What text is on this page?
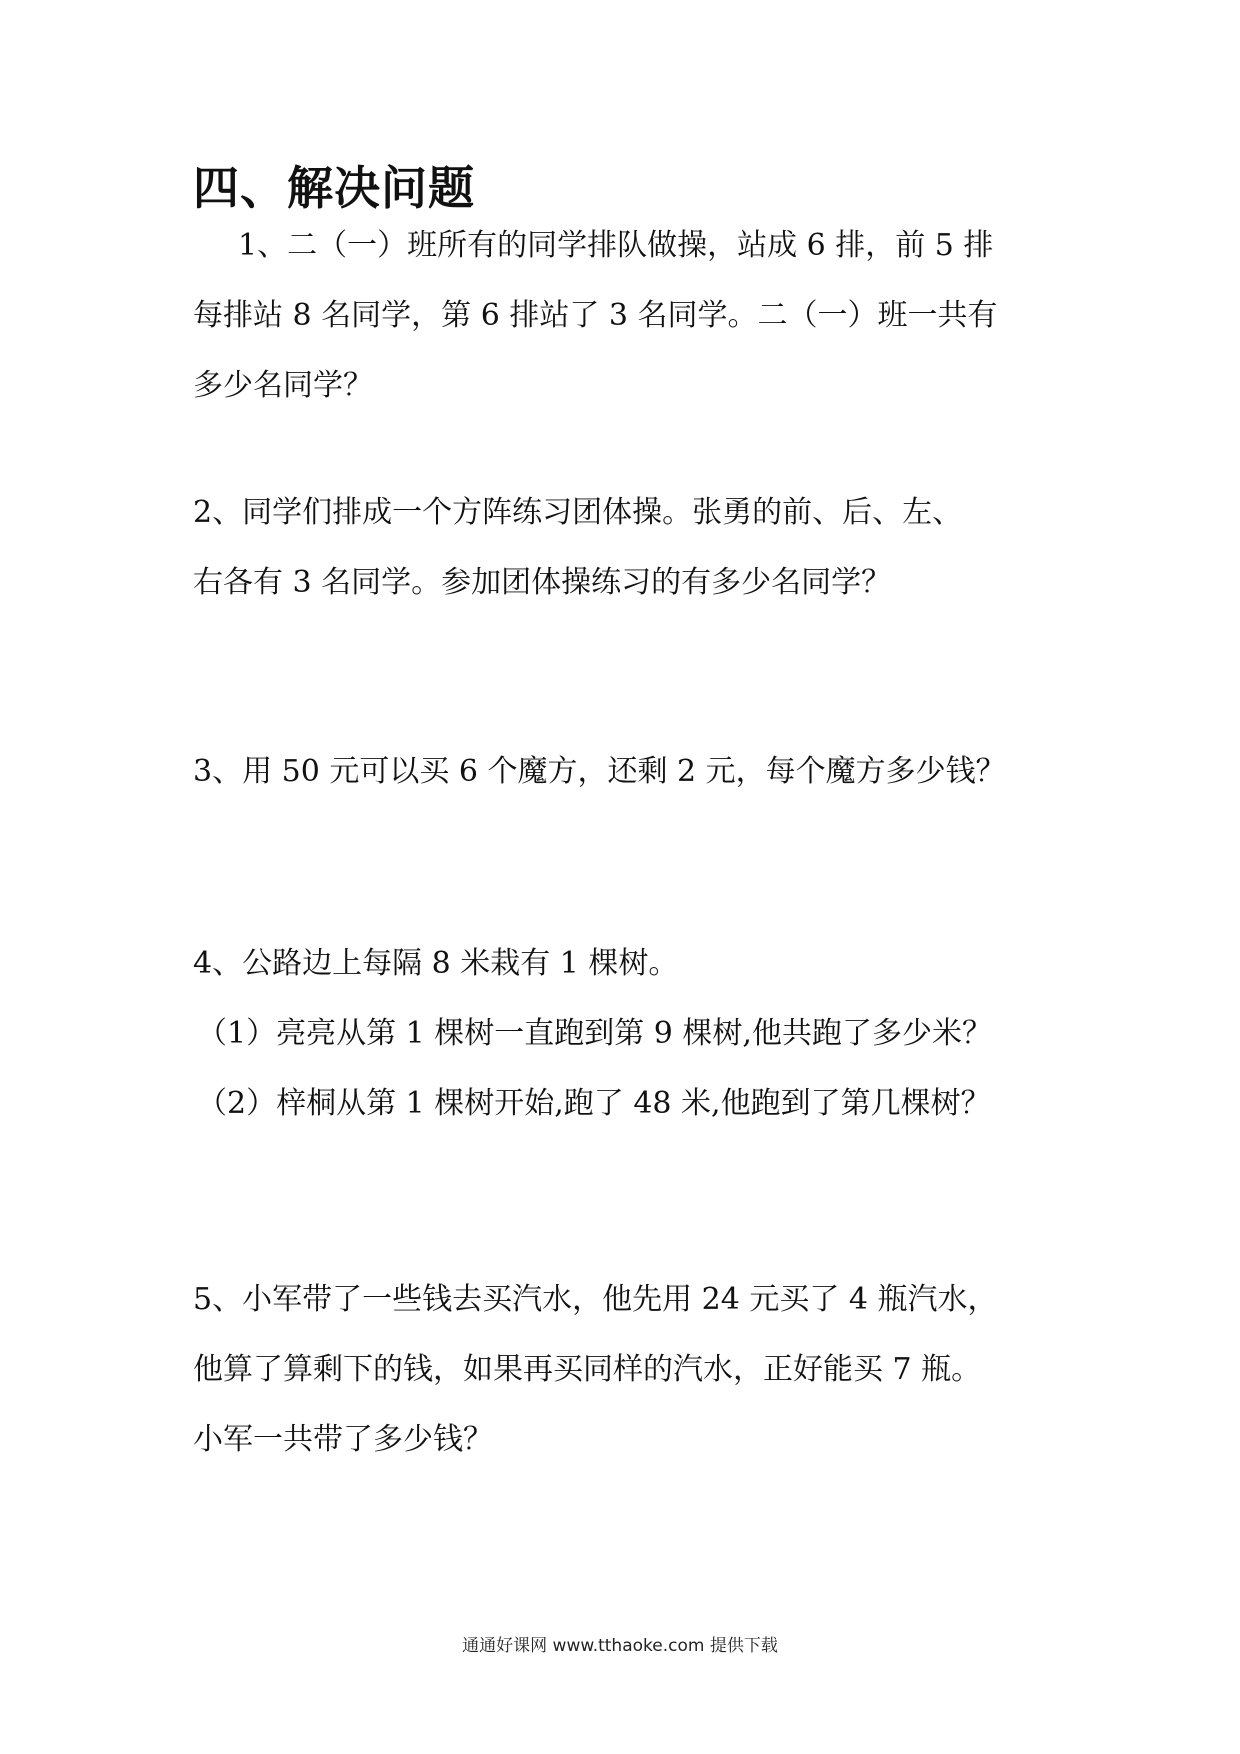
四、解决问题
1、二（一）班所有的同学排队做操，站成 6 排，前 5 排
每排站 8 名同学，第 6 排站了 3 名同学。二（一）班一共有
多少名同学？
2、同学们排成一个方阵练习团体操。张勇的前、后、左、
右各有 3 名同学。参加团体操练习的有多少名同学？
3、用 50 元可以买 6 个魔方，还剩 2 元，每个魔方多少钱？
4、公路边上每隔 8 米栽有 1 棵树。
（1）亮亮从第 1 棵树一直跑到第 9 棵树,他共跑了多少米？
（2）梓桐从第 1 棵树开始,跑了 48 米,他跑到了第几棵树？
5、小军带了一些钱去买汽水，他先用 24 元买了 4 瓶汽水，
他算了算剩下的钱，如果再买同样的汽水，正好能买 7 瓶。
小军一共带了多少钱？
通通好课网 www.tthaoke.com 提供下载
